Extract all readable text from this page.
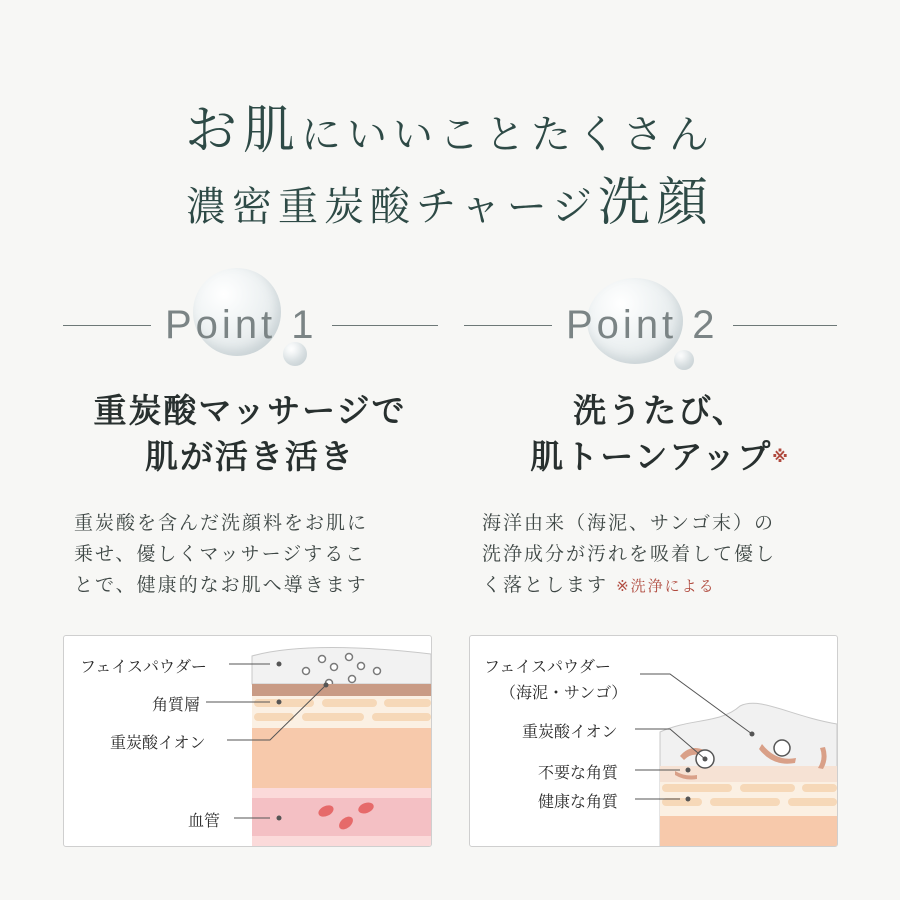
お肌にいいことたくさん
濃密重炭酸チャージ洗顔
Point 1	Point 2
重炭酸マッサージで
肌が活き活き
洗うたび、
肌トーンアップ※
重炭酸を含んだ洗顔料をお肌に
乗せ、優しくマッサージするこ
とで、健康的なお肌へ導きます
海洋由来（海泥、サンゴ末）の
洗浄成分が汚れを吸着して優し
く落とします ※洗浄による
フェイスパウダー
角質層
重炭酸イオン
血管
フェイスパウダー
（海泥・サンゴ）
重炭酸イオン
不要な角質
健康な角質
